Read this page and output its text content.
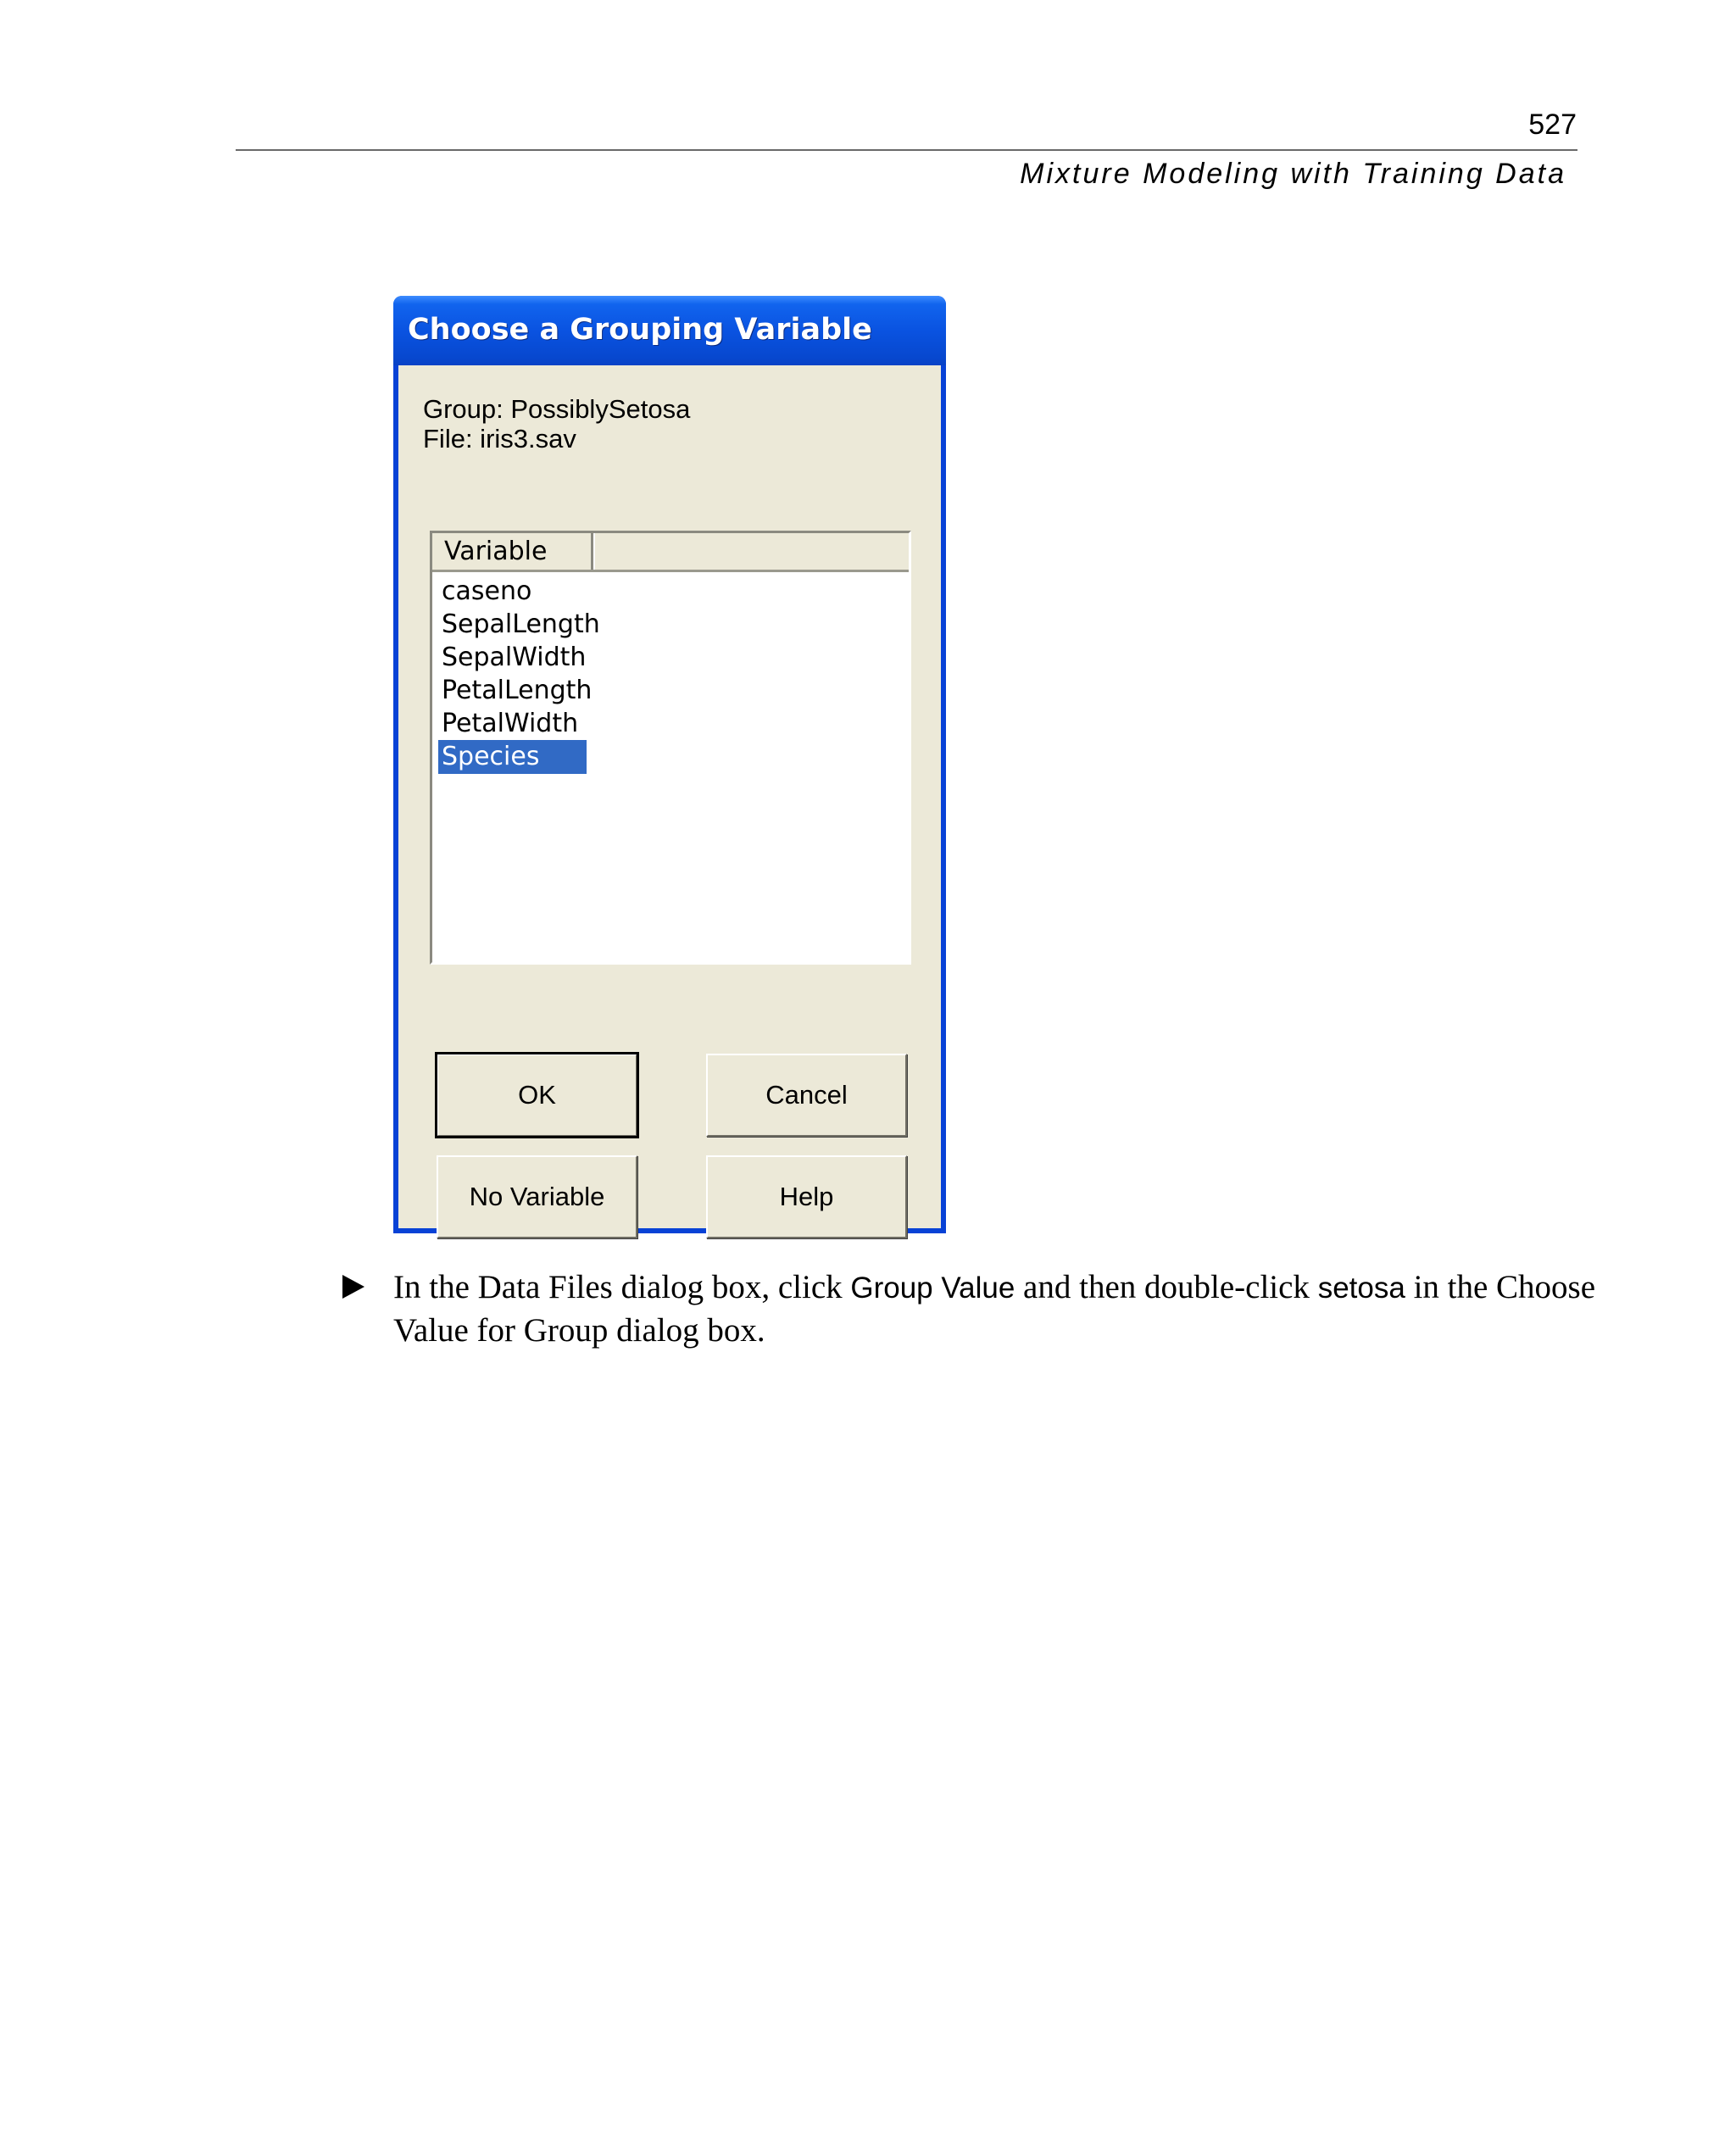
527
Mixture Modeling with Training Data
Choose a Grouping Variable
Group: PossiblySetosa
File: iris3.sav
Variable
caseno
SepalLength
SepalWidth
PetalLength
PetalWidth
Species
OK	Cancel
No Variable	Help
In the Data Files dialog box, click Group Value and then double-click setosa in the Choose Value for Group dialog box.
